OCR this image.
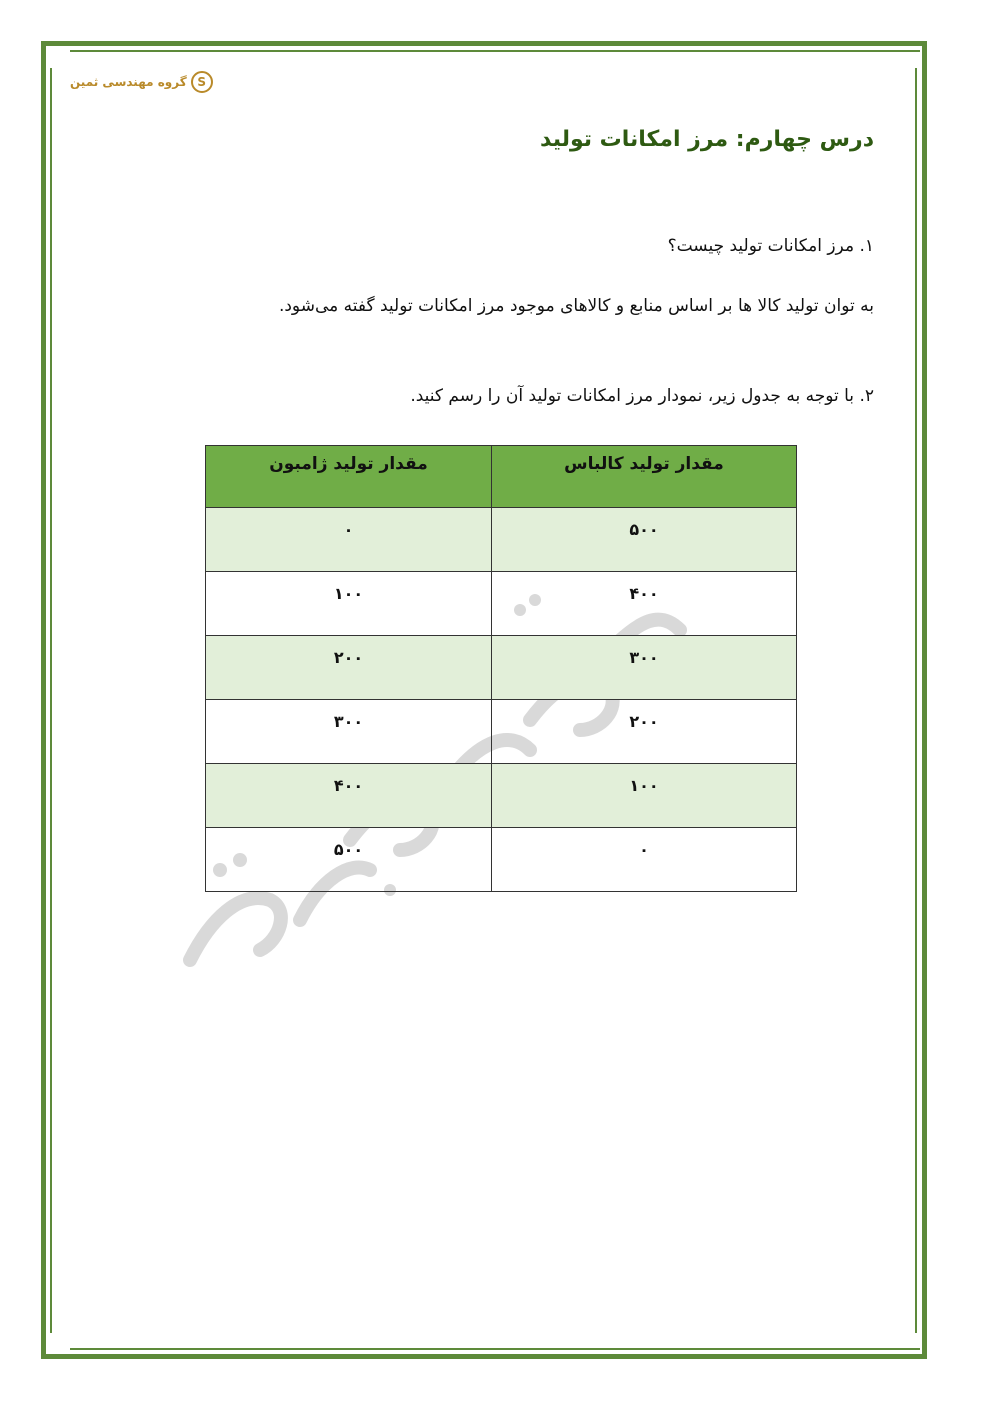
S
گروه مهندسی ثمین
درس چهارم: مرز امکانات تولید
۱. مرز امکانات تولید چیست؟
به توان تولید کالا ها بر اساس منابع و کالاهای موجود مرز امکانات تولید گفته می‌شود.
۲. با توجه به جدول زیر، نمودار مرز امکانات تولید آن را رسم کنید.
مقدار تولید کالباس	مقدار تولید ژامبون
۵۰۰	۰
۴۰۰	۱۰۰
۳۰۰	۲۰۰
۲۰۰	۳۰۰
۱۰۰	۴۰۰
۰	۵۰۰
